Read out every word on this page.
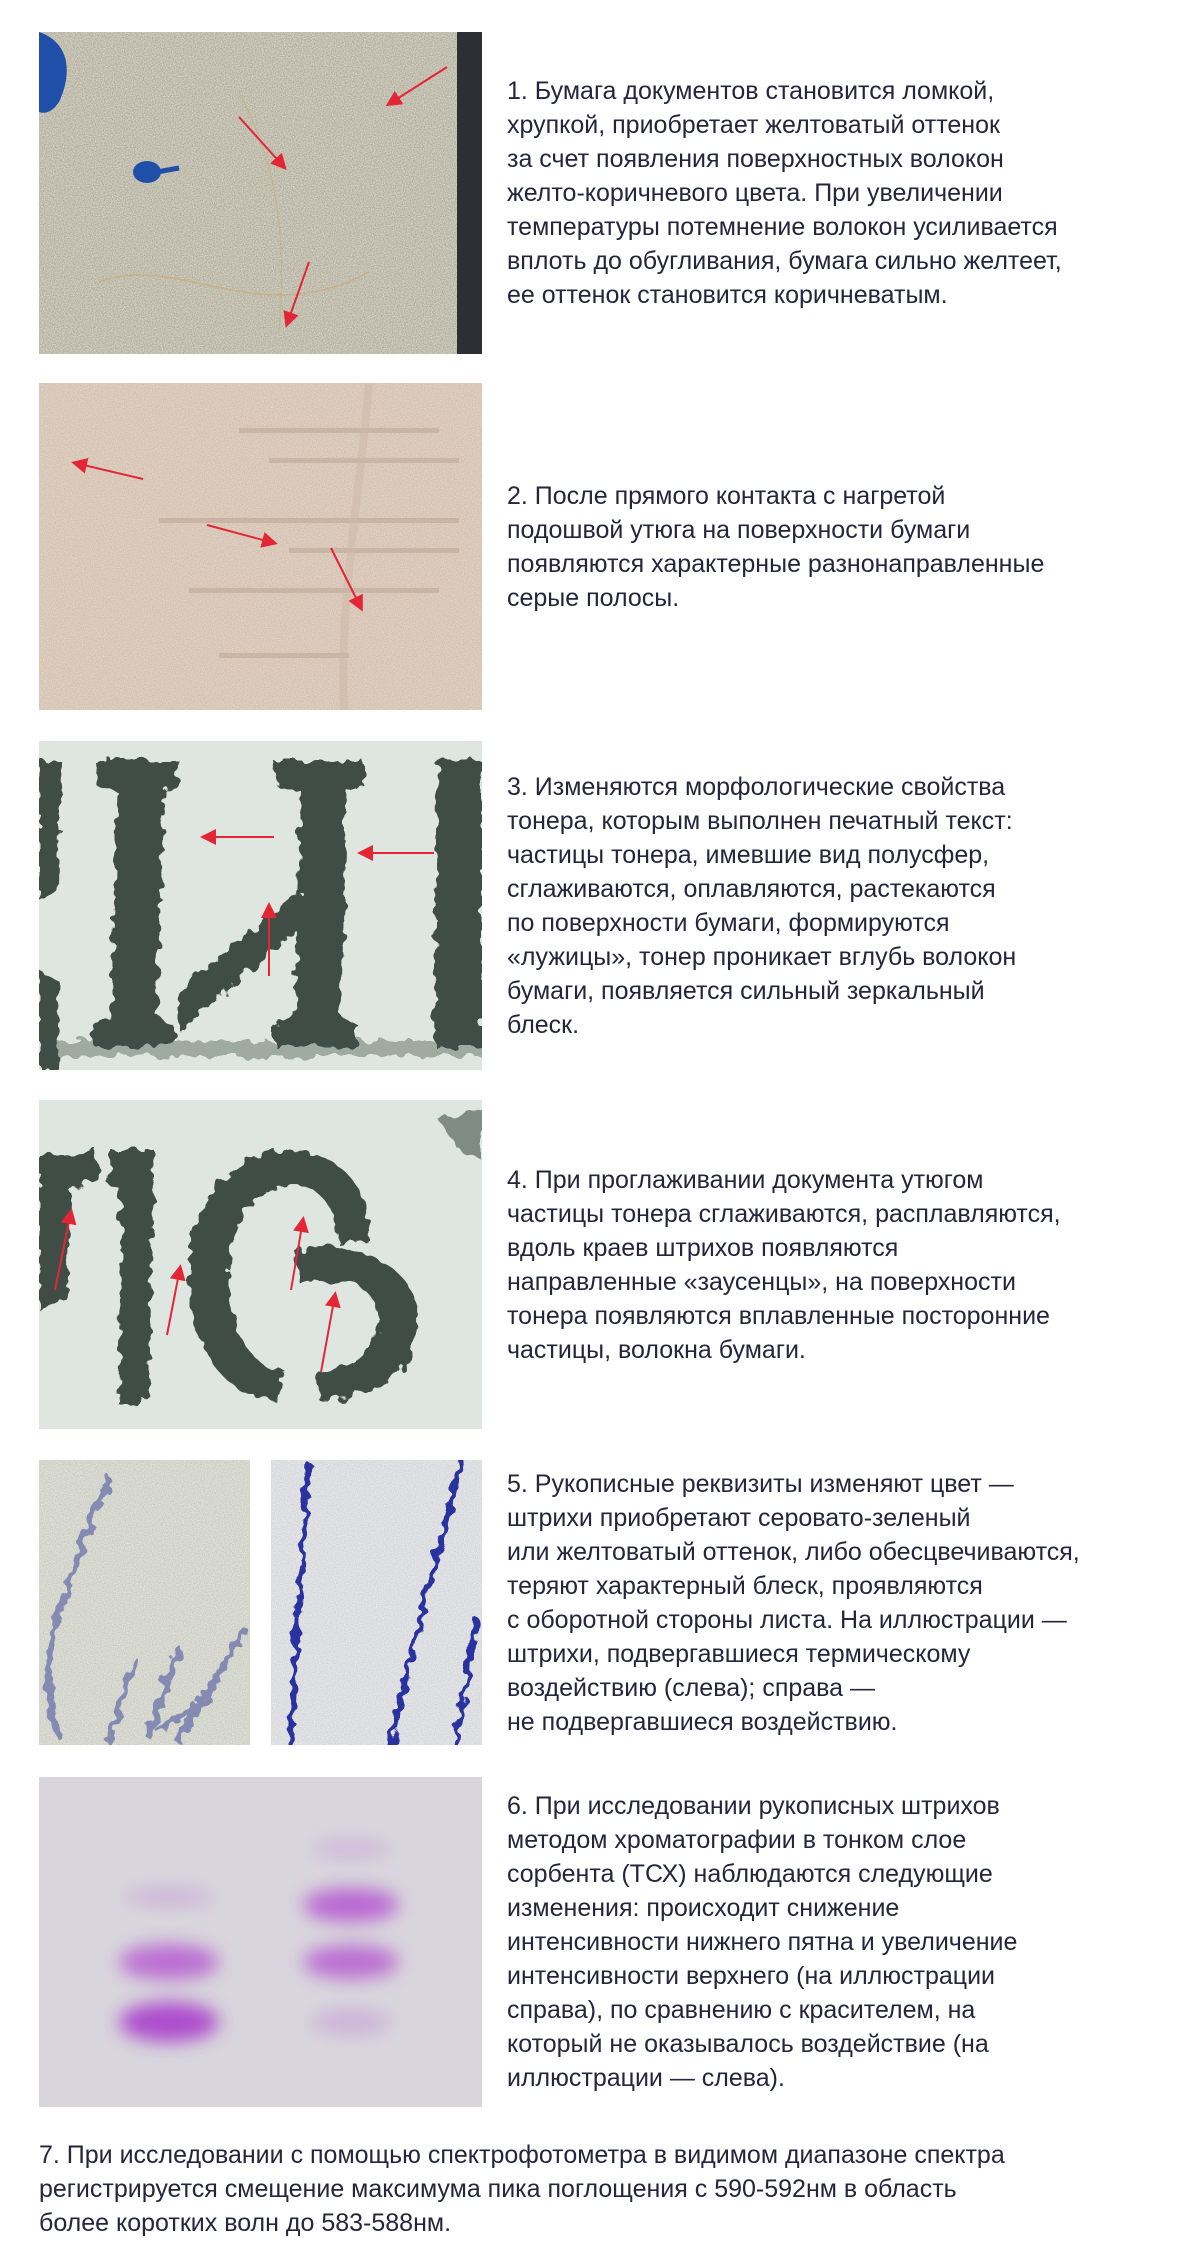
1. Бумага документов становится ломкой,
хрупкой, приобретает желтоватый оттенок
за счет появления поверхностных волокон
желто-коричневого цвета. При увеличении
температуры потемнение волокон усиливается
вплоть до обугливания, бумага сильно желтеет,
ее оттенок становится коричневатым.

2. После прямого контакта с нагретой
подошвой утюга на поверхности бумаги
появляются характерные разнонаправленные
серые полосы.

3. Изменяются морфологические свойства
тонера, которым выполнен печатный текст:
частицы тонера, имевшие вид полусфер,
сглаживаются, оплавляются, растекаются
по поверхности бумаги, формируются
«лужицы», тонер проникает вглубь волокон
бумаги, появляется сильный зеркальный
блеск.

4. При проглаживании документа утюгом
частицы тонера сглаживаются, расплавляются,
вдоль краев штрихов появляются
направленные «заусенцы», на поверхности
тонера появляются вплавленные посторонние
частицы, волокна бумаги.

5. Рукописные реквизиты изменяют цвет —
штрихи приобретают серовато-зеленый
или желтоватый оттенок, либо обесцвечиваются,
теряют характерный блеск, проявляются
с оборотной стороны листа. На иллюстрации —
штрихи, подвергавшиеся термическому
воздействию (слева); справа —
не подвергавшиеся воздействию.

6. При исследовании рукописных штрихов
методом хроматографии в тонком слое
сорбента (ТСХ) наблюдаются следующие
изменения: происходит снижение
интенсивности нижнего пятна и увеличение
интенсивности верхнего (на иллюстрации
справа), по сравнению с красителем, на
который не оказывалось воздействие (на
иллюстрации — слева).

7. При исследовании с помощью спектрофотометра в видимом диапазоне спектра
регистрируется смещение максимума пика поглощения с 590-592нм в область
более коротких волн до 583-588нм.
